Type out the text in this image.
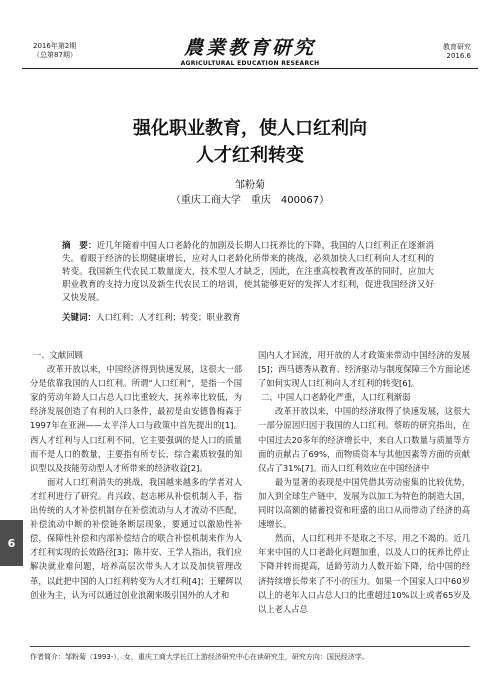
2016年第2期
（总第87期）	農業教育研究
AGRICULTURAL EDUCATION RESEARCH
教育研究
2016.6
强化职业教育，使人口红利向
人才红利转变
邹粉菊
（重庆工商大学　重庆　400067）
摘　要：近几年随着中国人口老龄化的加剧及长期人口抚养比的下降，我国的人口红利正在逐渐消失。着眼于经济的长期健康增长，应对人口老龄化所带来的挑战，必须加快人口红利向人才红利的转变。我国新生代农民工数量庞大，技术型人才缺乏，因此，在注重高校教育改革的同时，应加大职业教育的支持力度以及新生代农民工的培训，使其能够更好的发挥人才红利，促进我国经济又好又快发展。
关键词：人口红利；人才红利；转变；职业教育
一、文献回顾

改革开放以来，中国经济得到快速发展，这很大一部分是依靠我国的人口红利。所谓“人口红利”，是指一个国家的劳动年龄人口占总人口比重较大，抚养率比较低，为经济发展创造了有利的人口条件，最初是由安德鲁梅森于1997年在亚洲——太平洋人口与政策中首先提出的[1]。西人才红利与人口红利不同，它主要强调的是人口的质量而不是人口的数量，主要指有所专长，综合素质较强的知识型以及技能劳动型人才所带来的经济收益[2]。

面对人口红利消失的挑战，我国越来越多的学者对人才红利进行了研究。肖兴政、赵志彬从补偿机制入手，指出传统的人才补偿机制存在补偿流动与人才流动不匹配，补偿流动中断的补偿链条断层现象，要通过以激励性补偿，保障性补偿和内部补偿结合的联合补偿机制来作为人才红利实现的长效路径[3]；陈井安、王学人指出，我们应解决就业难问题，培养高层次带头人才以及加快管理改革，以此把中国的人口红利转变为人才红利[4]；王耀辉以创业为主，认为可以通过创业浪潮来吸引国外的人才和

国内人才回流，用开放的人才政策来带动中国经济的发展[5]；西马德秀从教育、经济驱动与制度保障三个方面论述了如何实现人口红利向人才红利的转变[6]。

二、中国人口老龄化严重，人口红利渐弱

改革开放以来，中国的经济取得了快速发展，这很大一部分原因归因于我国的人口红利。蔡昉的研究指出，在中国过去20多年的经济增长中，来自人口数量与质量等方面的贡献占了69%，而物质资本与其他因素等方面的贡献仅占了31%[7]。而人口红利效应在中国经济中

最为显著的表现是中国凭借其劳动密集的比较优势，加入到全球生产链中，发展为以加工为特色的制造大国，同时以高额的储蓄投资和旺盛的出口从而带动了经济的高速增长。

然而，人口红利并不是取之不尽，用之不竭的。近几年来中国的人口老龄化问题加重，以及人口的抚养比停止下降并转而提高，适龄劳动力人数开始下降，给中国的经济持续增长带来了不小的压力。如果一个国家人口中60岁以上的老年人口占总人口的比重超过10%以上或者65岁及以上老人占总

6
作者简介：邹粉菊（1993-），女，重庆工商大学长江上游经济研究中心在读研究生，研究方向：国民经济学。
